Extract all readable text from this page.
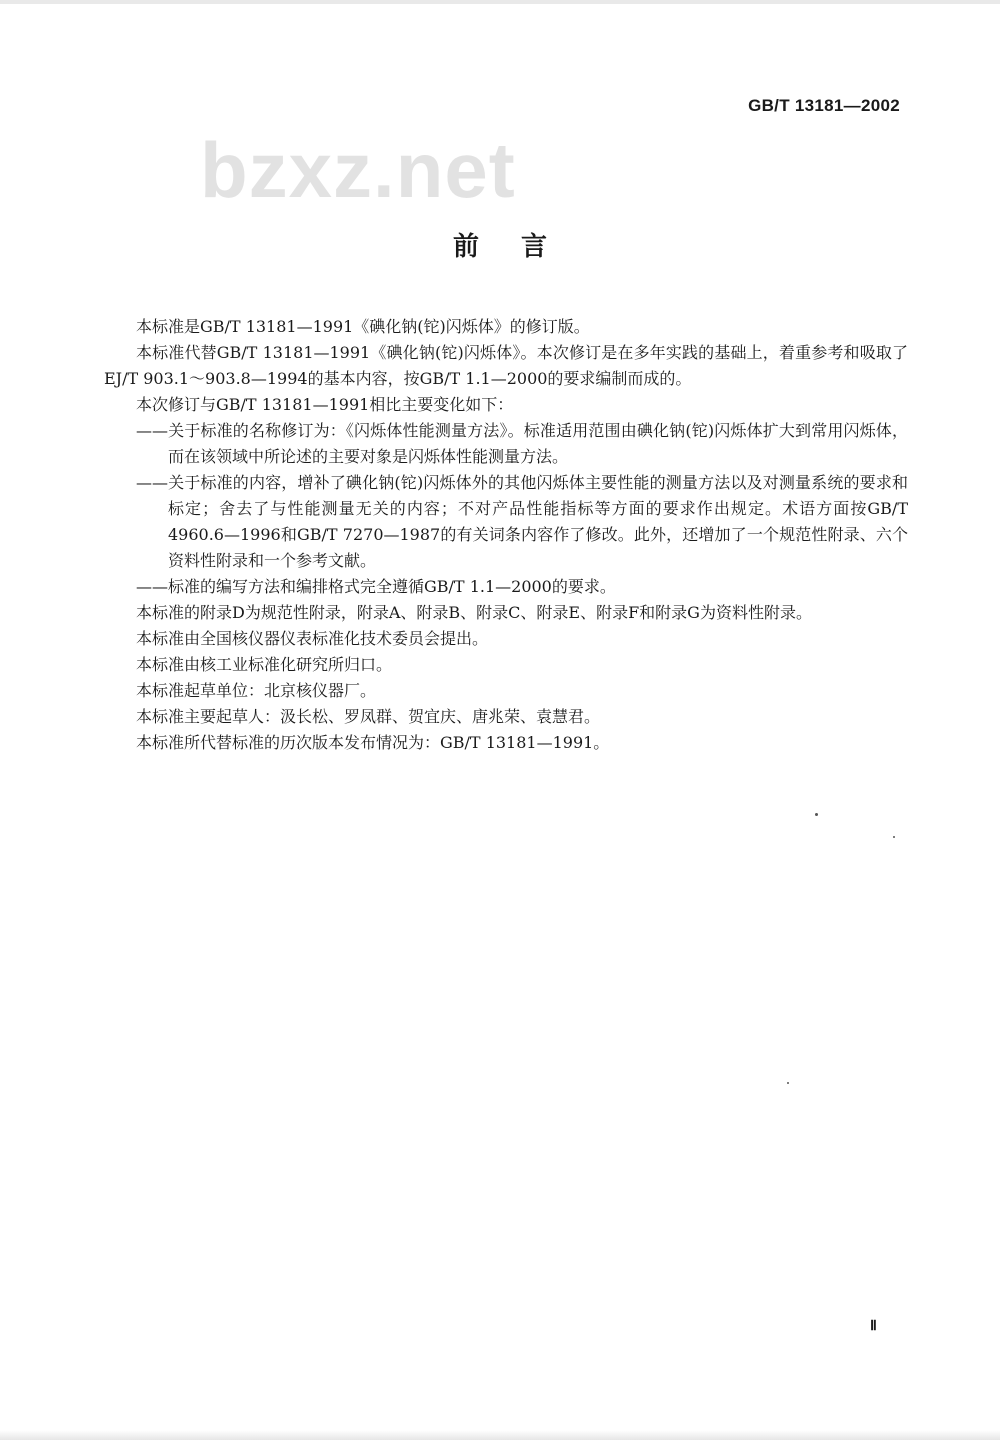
GB/T 13181—2002
bzxz.net
前言

本标准是GB/T 13181—1991《碘化钠(铊)闪烁体》的修订版。

本标准代替GB/T 13181—1991《碘化钠(铊)闪烁体》。本次修订是在多年实践的基础上，着重参考和吸取了EJ/T 903.1～903.8—1994的基本内容，按GB/T 1.1—2000的要求编制而成的。

本次修订与GB/T 13181—1991相比主要变化如下：

——关于标准的名称修订为：《闪烁体性能测量方法》。标准适用范围由碘化钠(铊)闪烁体扩大到常用闪烁体，而在该领域中所论述的主要对象是闪烁体性能测量方法。

——关于标准的内容，增补了碘化钠(铊)闪烁体外的其他闪烁体主要性能的测量方法以及对测量系统的要求和标定；舍去了与性能测量无关的内容；不对产品性能指标等方面的要求作出规定。术语方面按GB/T 4960.6—1996和GB/T 7270—1987的有关词条内容作了修改。此外，还增加了一个规范性附录、六个资料性附录和一个参考文献。

——标准的编写方法和编排格式完全遵循GB/T 1.1—2000的要求。

本标准的附录D为规范性附录，附录A、附录B、附录C、附录E、附录F和附录G为资料性附录。

本标准由全国核仪器仪表标准化技术委员会提出。

本标准由核工业标准化研究所归口。

本标准起草单位：北京核仪器厂。

本标准主要起草人：汲长松、罗凤群、贺宜庆、唐兆荣、袁慧君。

本标准所代替标准的历次版本发布情况为：GB/T 13181—1991。

Ⅱ
